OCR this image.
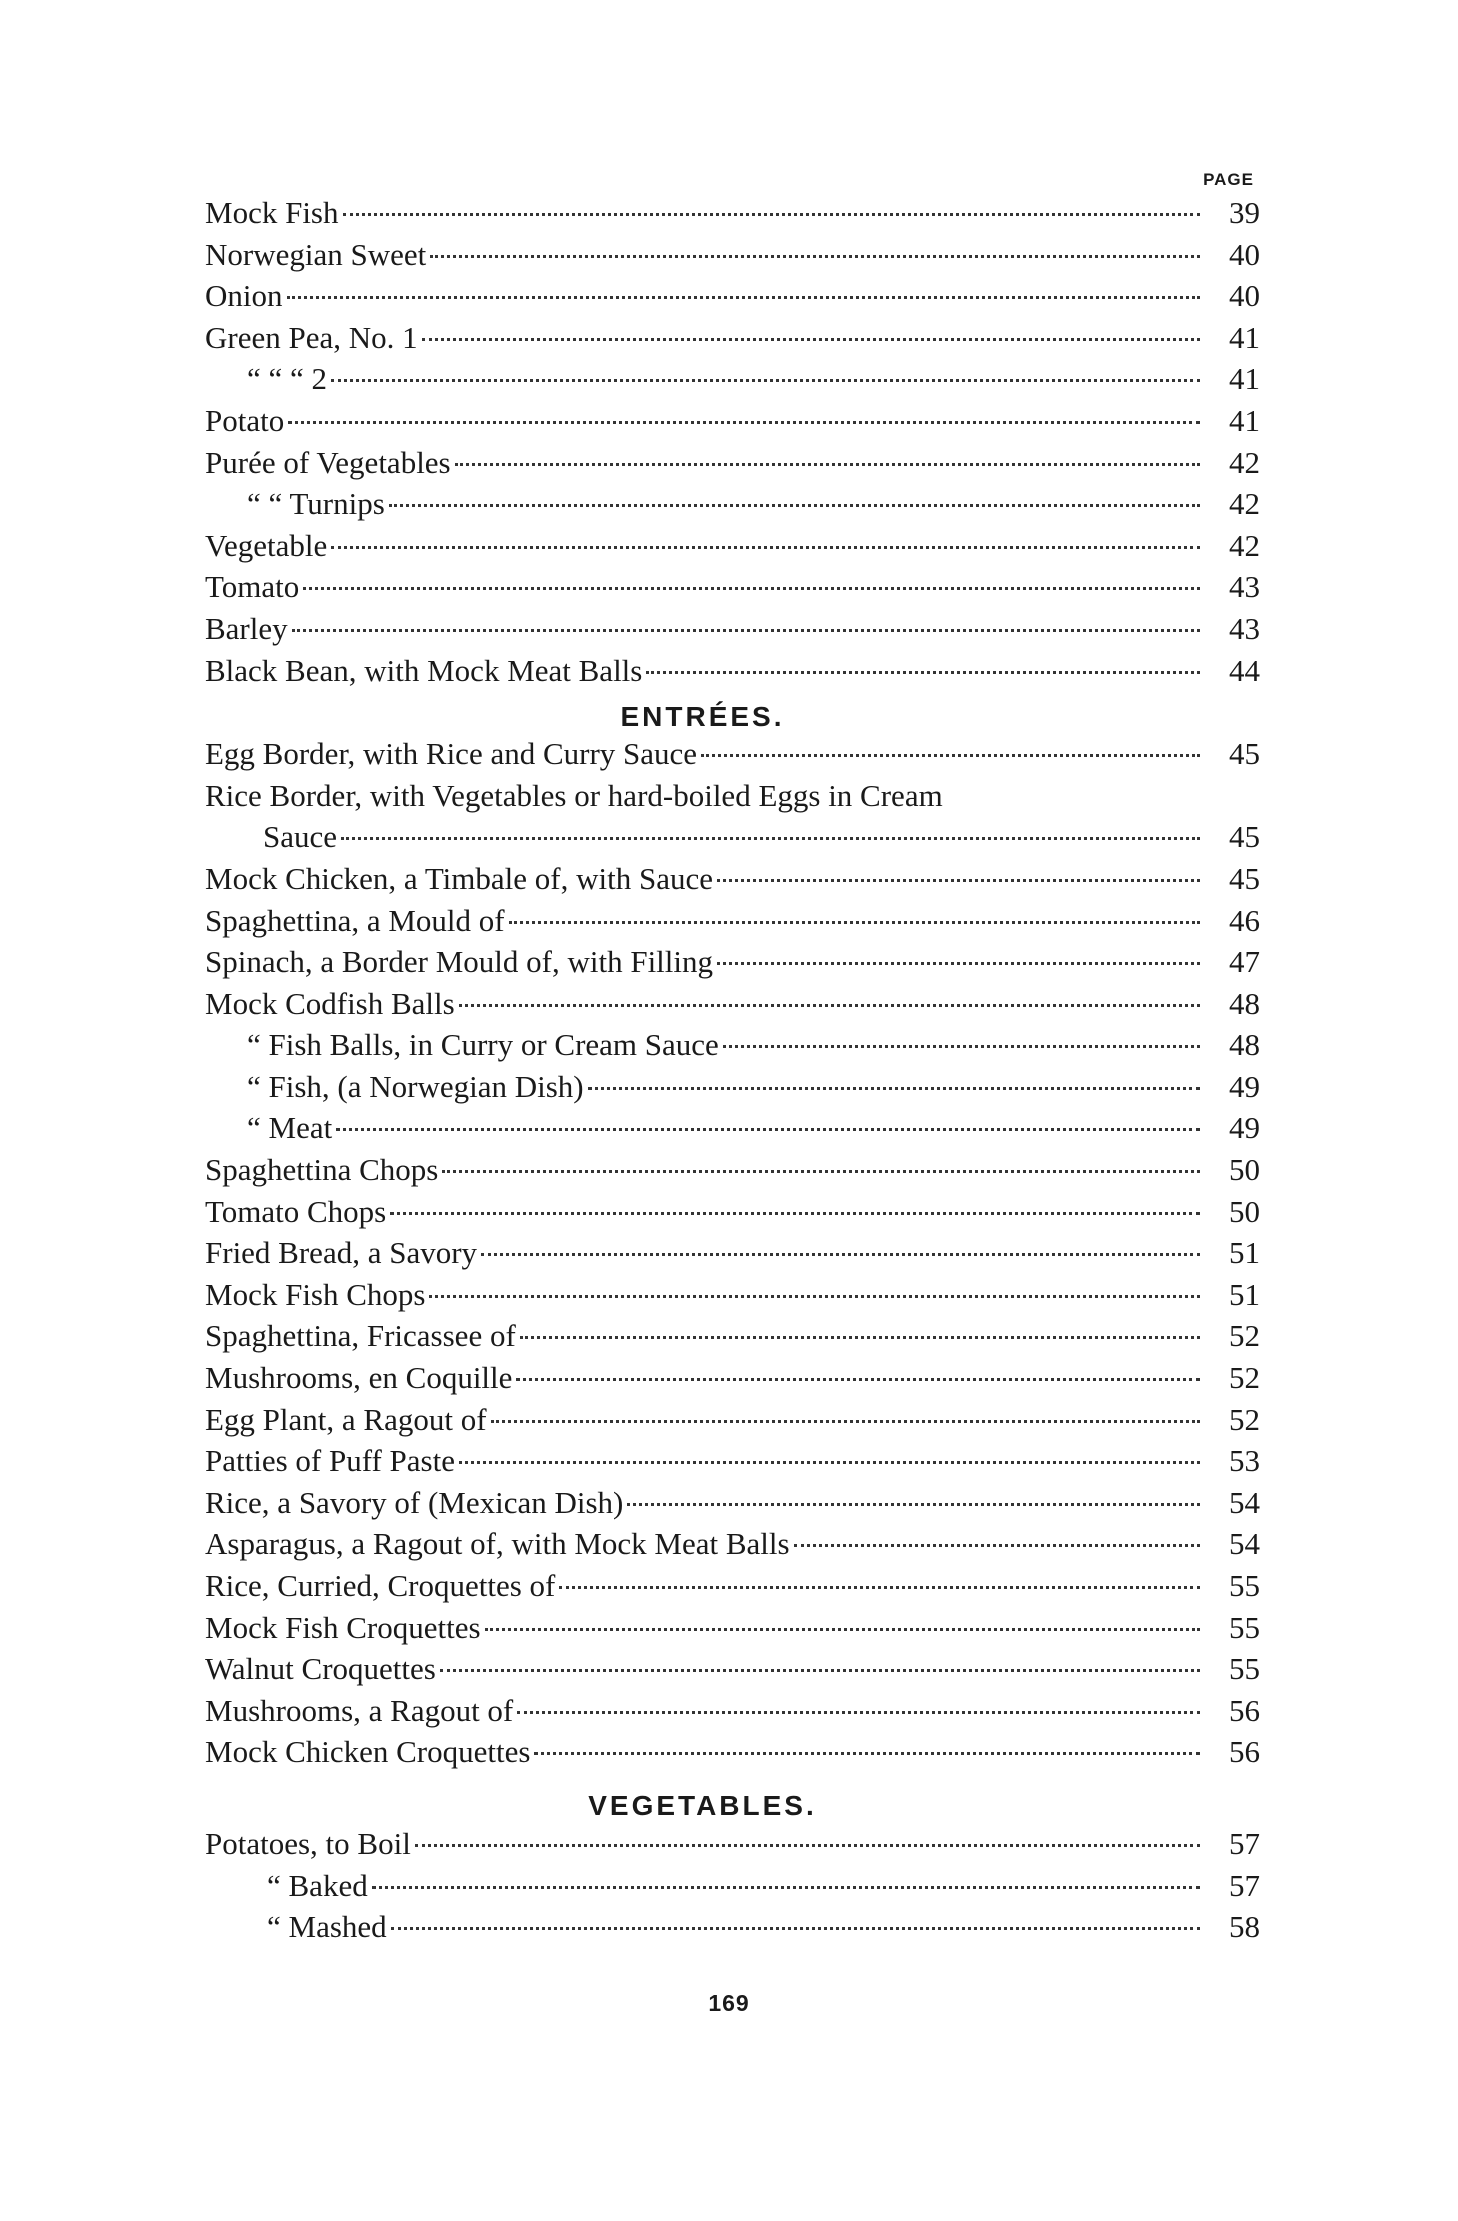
PAGE
Mock Fish	39
Norwegian Sweet	40
Onion	40
Green Pea, No. 1	41
“ “ “ 2	41
Potato	41
Purée of Vegetables	42
“ “ Turnips	42
Vegetable	42
Tomato	43
Barley	43
Black Bean, with Mock Meat Balls	44
ENTRÉES.
Egg Border, with Rice and Curry Sauce	45
Rice Border, with Vegetables or hard-boiled Eggs in Cream
Sauce	45
Mock Chicken, a Timbale of, with Sauce	45
Spaghettina, a Mould of	46
Spinach, a Border Mould of, with Filling	47
Mock Codfish Balls	48
“ Fish Balls, in Curry or Cream Sauce	48
“ Fish, (a Norwegian Dish)	49
“ Meat	49
Spaghettina Chops	50
Tomato Chops	50
Fried Bread, a Savory	51
Mock Fish Chops	51
Spaghettina, Fricassee of	52
Mushrooms, en Coquille	52
Egg Plant, a Ragout of	52
Patties of Puff Paste	53
Rice, a Savory of (Mexican Dish)	54
Asparagus, a Ragout of, with Mock Meat Balls	54
Rice, Curried, Croquettes of	55
Mock Fish Croquettes	55
Walnut Croquettes	55
Mushrooms, a Ragout of	56
Mock Chicken Croquettes	56
VEGETABLES.
Potatoes, to Boil	57
“ Baked	57
“ Mashed	58
169
